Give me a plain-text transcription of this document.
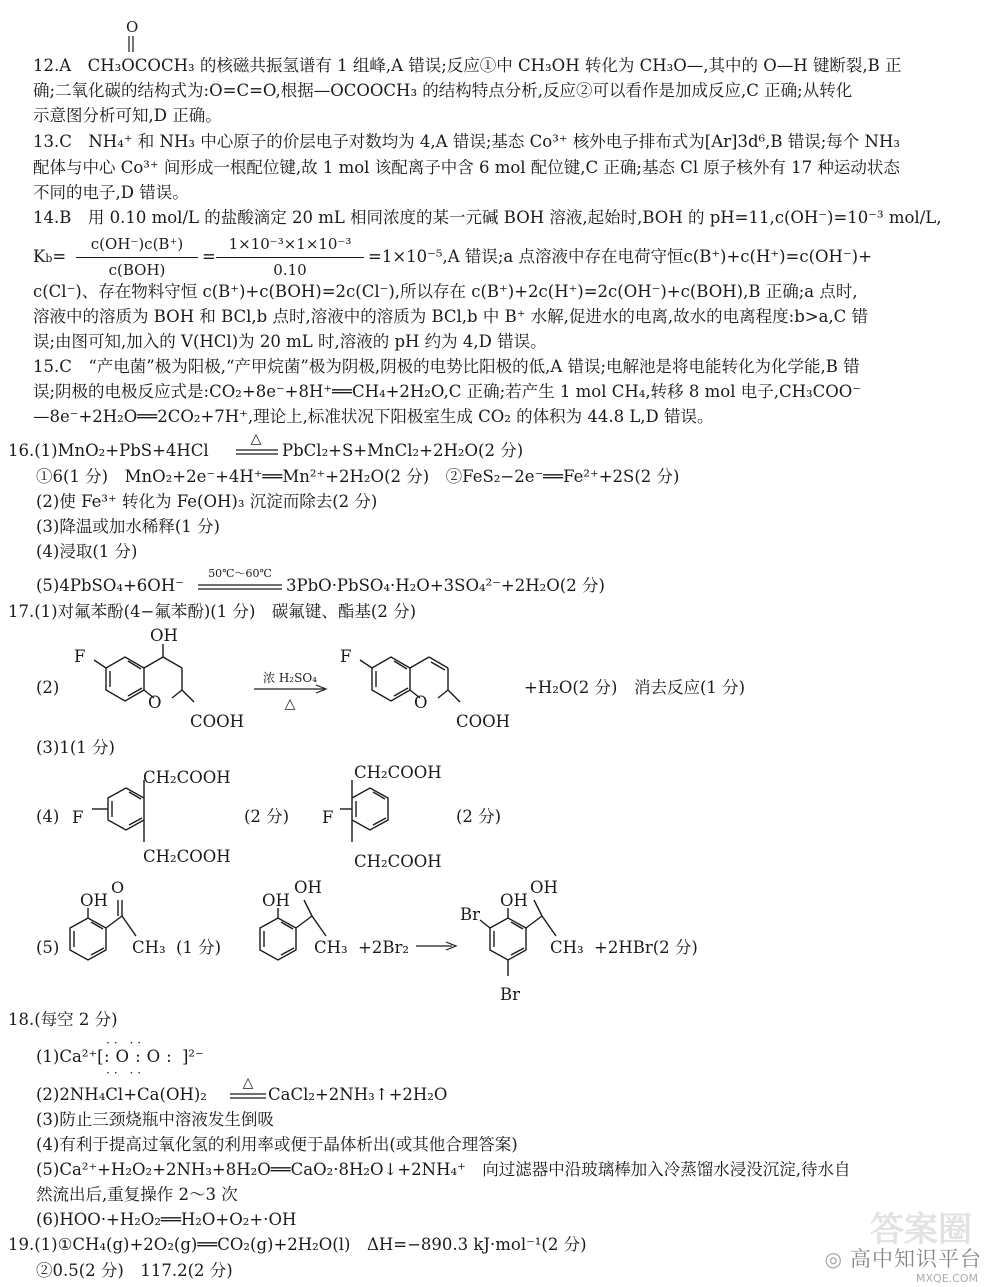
O
12.A　CH₃OCOCH₃ 的核磁共振氢谱有 1 组峰,A 错误;反应①中 CH₃OH 转化为 CH₃O—,其中的 O—H 键断裂,B 正
确;二氧化碳的结构式为:O=C=O,根据—OCOOCH₃ 的结构特点分析,反应②可以看作是加成反应,C 正确;从转化
示意图分析可知,D 正确。
13.C　NH₄⁺ 和 NH₃ 中心原子的价层电子对数均为 4,A 错误;基态 Co³⁺ 核外电子排布式为[Ar]3d⁶,B 错误;每个 NH₃
配体与中心 Co³⁺ 间形成一根配位键,故 1 mol 该配离子中含 6 mol 配位键,C 正确;基态 Cl 原子核外有 17 种运动状态
不同的电子,D 错误。
14.B　用 0.10 mol/L 的盐酸滴定 20 mL 相同浓度的某一元碱 BOH 溶液,起始时,BOH 的 pH=11,c(OH⁻)=10⁻³ mol/L,
Kb=
c(OH⁻)c(B⁺)
c(BOH)
=
1×10⁻³×1×10⁻³
0.10
=1×10⁻⁵,A 错误;a 点溶液中存在电荷守恒c(B⁺)+c(H⁺)=c(OH⁻)+
c(Cl⁻)、存在物料守恒 c(B⁺)+c(BOH)=2c(Cl⁻),所以存在 c(B⁺)+2c(H⁺)=2c(OH⁻)+c(BOH),B 正确;a 点时,
溶液中的溶质为 BOH 和 BCl,b 点时,溶液中的溶质为 BCl,b 中 B⁺ 水解,促进水的电离,故水的电离程度:b>a,C 错
误;由图可知,加入的 V(HCl)为 20 mL 时,溶液的 pH 约为 4,D 错误。
15.C　“产电菌”极为阳极,“产甲烷菌”极为阴极,阴极的电势比阳极的低,A 错误;电解池是将电能转化为化学能,B 错
误;阴极的电极反应式是:CO₂+8e⁻+8H⁺══CH₄+2H₂O,C 正确;若产生 1 mol CH₄,转移 8 mol 电子,CH₃COO⁻
—8e⁻+2H₂O══2CO₂+7H⁺,理论上,标准状况下阳极室生成 CO₂ 的体积为 44.8 L,D 错误。
16.(1)MnO₂+PbS+4HCl
△
PbCl₂+S+MnCl₂+2H₂O(2 分)
①6(1 分)　MnO₂+2e⁻+4H⁺══Mn²⁺+2H₂O(2 分)　②FeS₂−2e⁻══Fe²⁺+2S(2 分)
(2)使 Fe³⁺ 转化为 Fe(OH)₃ 沉淀而除去(2 分)
(3)降温或加水稀释(1 分)
(4)浸取(1 分)
(5)4PbSO₄+6OH⁻
50℃～60℃
3PbO·PbSO₄·H₂O+3SO₄²⁻+2H₂O(2 分)
17.(1)对氟苯酚(4−氟苯酚)(1 分)　碳氟键、酯基(2 分)
(2)
OH
F
O
COOH
浓 H₂SO₄
△
F
O
COOH
+H₂O(2 分)　消去反应(1 分)
(3)1(1 分)
(4) F
CH₂COOH
CH₂COOH
(2 分) F
CH₂COOH
CH₂COOH
(2 分)
(5)
O
OH
CH₃ (1 分)
OH
OH
CH₃ +2Br₂ →
OH
OH
Br
CH₃
Br
+2HBr(2 分)
18.(每空 2 分)
(1)Ca²⁺[ :O:O:
·· ··
·· ··
]²⁻
(2)2NH₄Cl+Ca(OH)₂
△
CaCl₂+2NH₃↑+2H₂O
(3)防止三颈烧瓶中溶液发生倒吸
(4)有利于提高过氧化氢的利用率或便于晶体析出(或其他合理答案)
(5)Ca²⁺+H₂O₂+2NH₃+8H₂O══CaO₂·8H₂O↓+2NH₄⁺　向过滤器中沿玻璃棒加入冷蒸馏水浸没沉淀,待水自
然流出后,重复操作 2～3 次
(6)HOO·+H₂O₂══H₂O+O₂+·OH
19.(1)①CH₄(g)+2O₂(g)══CO₂(g)+2H₂O(l)　ΔH=−890.3 kJ·mol⁻¹(2 分)
②0.5(2 分)　117.2(2 分)
答案圈
◎ 高中知识平台
MXQE.COM
